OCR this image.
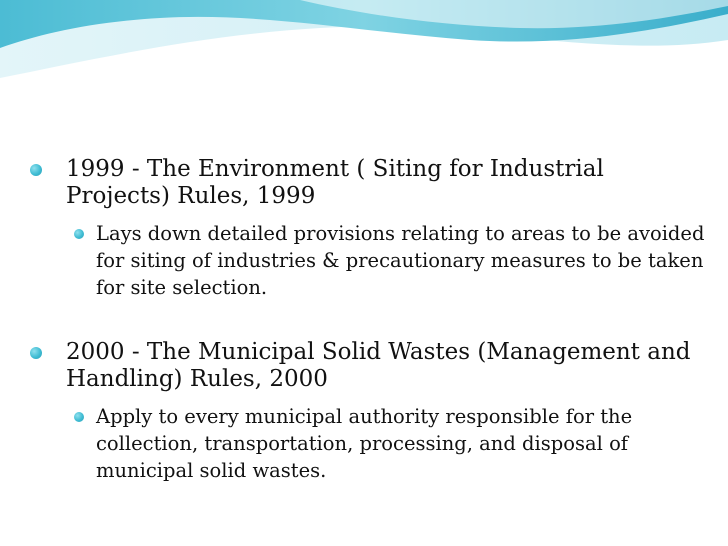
1999 - The Environment ( Siting for Industrial Projects) Rules, 1999
Lays down detailed provisions relating to areas to be avoided for siting of industries & precautionary measures to be taken for site selection.
2000 - The Municipal Solid Wastes (Management and Handling) Rules, 2000
Apply to every municipal authority responsible for the collection, transportation, processing, and disposal of municipal solid wastes.
